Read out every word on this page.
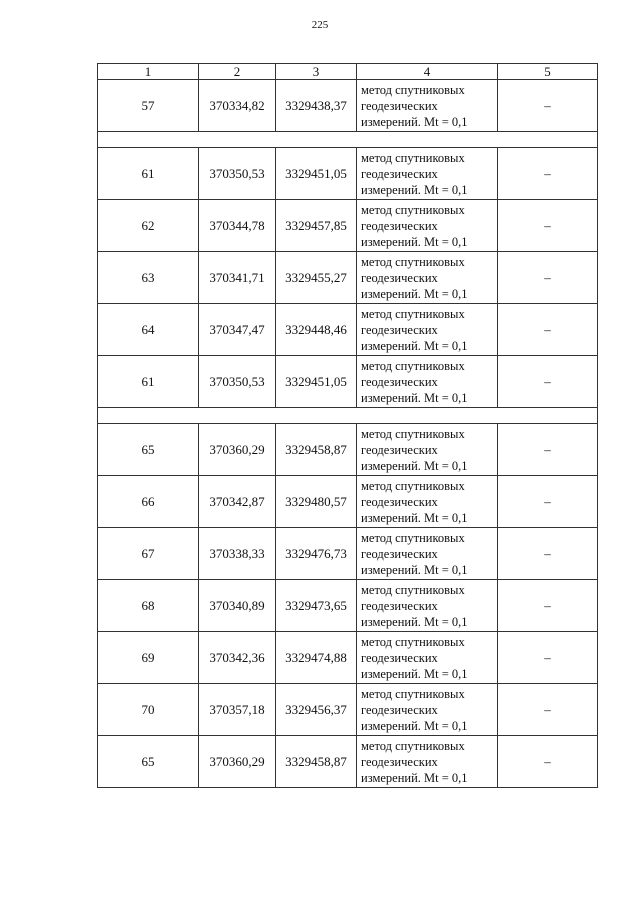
225
1	2	3	4	5
57	370334,82	3329438,37	метод спутниковых
геодезических
измерений. Mt = 0,1	–

61	370350,53	3329451,05	метод спутниковых
геодезических
измерений. Mt = 0,1	–
62	370344,78	3329457,85	метод спутниковых
геодезических
измерений. Mt = 0,1	–
63	370341,71	3329455,27	метод спутниковых
геодезических
измерений. Mt = 0,1	–
64	370347,47	3329448,46	метод спутниковых
геодезических
измерений. Mt = 0,1	–
61	370350,53	3329451,05	метод спутниковых
геодезических
измерений. Mt = 0,1	–

65	370360,29	3329458,87	метод спутниковых
геодезических
измерений. Mt = 0,1	–
66	370342,87	3329480,57	метод спутниковых
геодезических
измерений. Mt = 0,1	–
67	370338,33	3329476,73	метод спутниковых
геодезических
измерений. Mt = 0,1	–
68	370340,89	3329473,65	метод спутниковых
геодезических
измерений. Mt = 0,1	–
69	370342,36	3329474,88	метод спутниковых
геодезических
измерений. Mt = 0,1	–
70	370357,18	3329456,37	метод спутниковых
геодезических
измерений. Mt = 0,1	–
65	370360,29	3329458,87	метод спутниковых
геодезических
измерений. Mt = 0,1	–
